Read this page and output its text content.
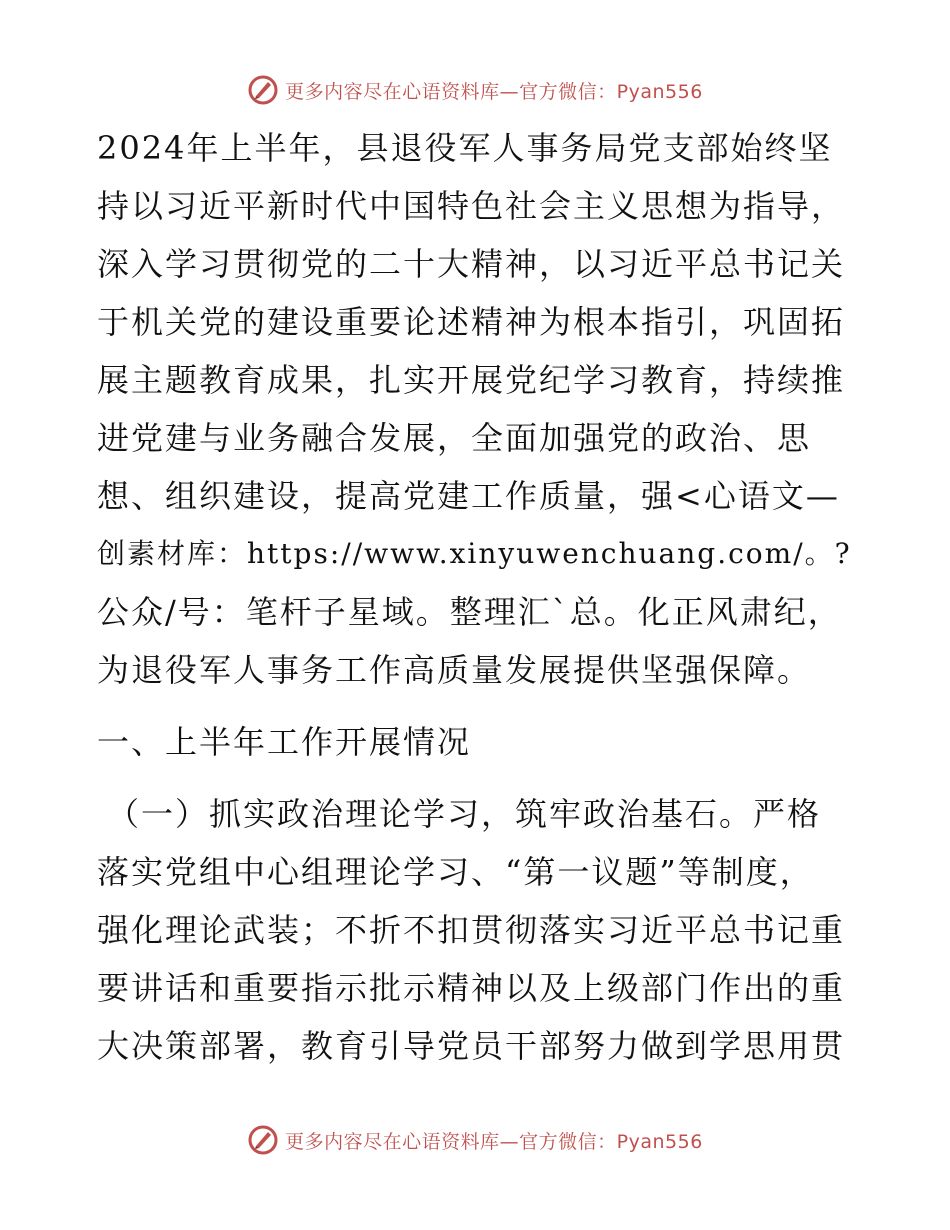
更多内容尽在心语资料库—官方微信：Pyan556
2024年上半年，县退役军人事务局党支部始终坚
持以习近平新时代中国特色社会主义思想为指导，
深入学习贯彻党的二十大精神，以习近平总书记关
于机关党的建设重要论述精神为根本指引，巩固拓
展主题教育成果，扎实开展党纪学习教育，持续推
进党建与业务融合发展，全面加强党的政治、思
想、组织建设，提高党建工作质量，强<心语文—
创素材库：https://www.xinyuwenchuang.com/。?
公众/号：笔杆子星域。整理汇`总。化正风肃纪，
为退役军人事务工作高质量发展提供坚强保障。
一、上半年工作开展情况
（一）抓实政治理论学习，筑牢政治基石。严格
落实党组中心组理论学习、“第一议题”等制度，
强化理论武装；不折不扣贯彻落实习近平总书记重
要讲话和重要指示批示精神以及上级部门作出的重
大决策部署，教育引导党员干部努力做到学思用贯
更多内容尽在心语资料库—官方微信：Pyan556
